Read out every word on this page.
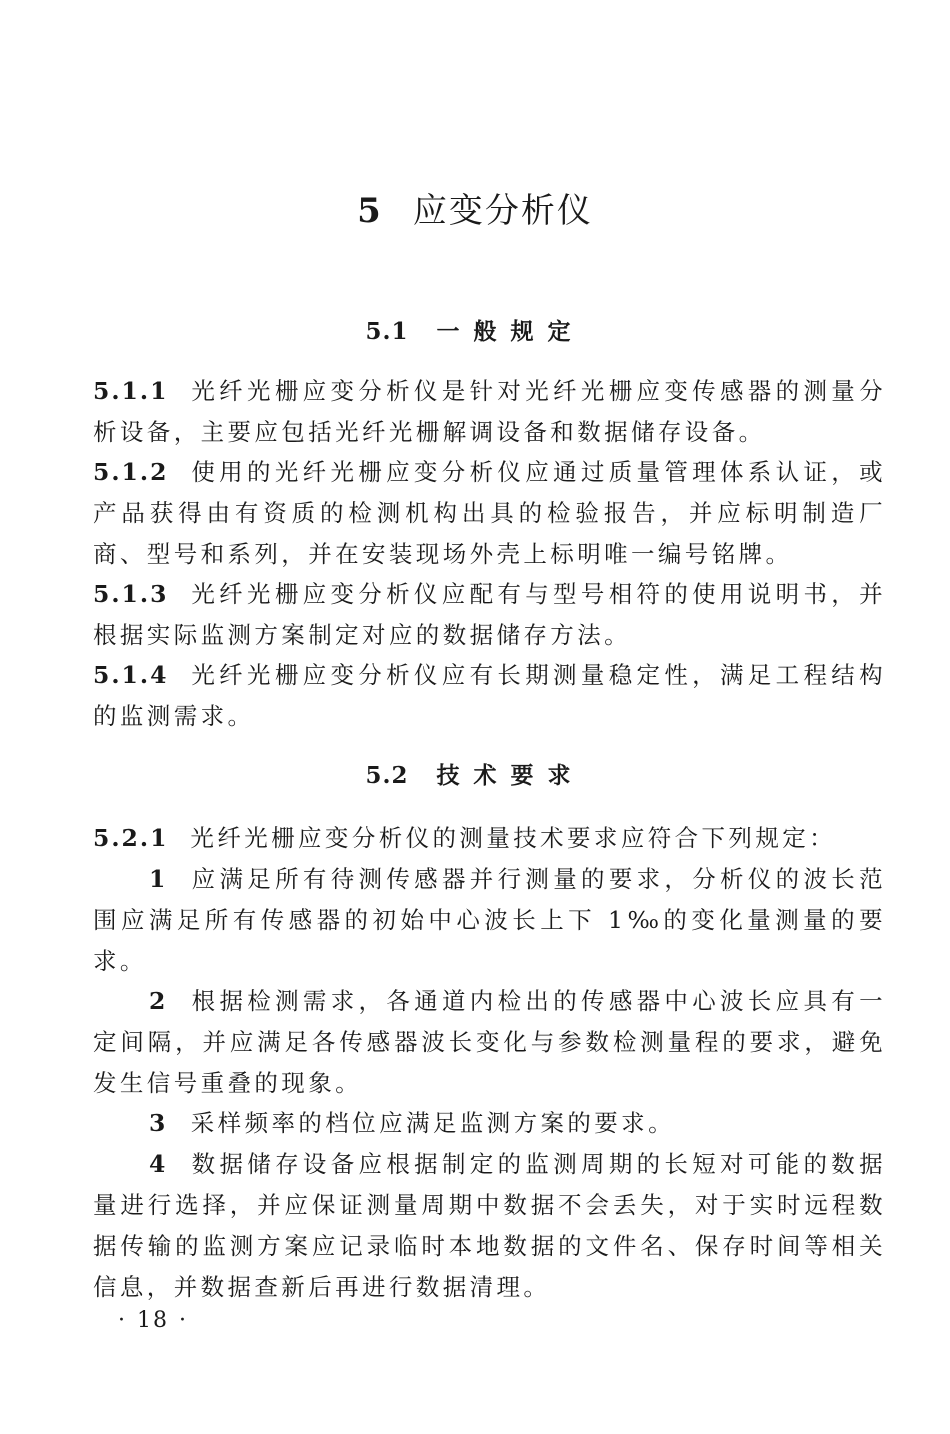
5 应变分析仪
5.1 一般规定
5.1.1 光纤光栅应变分析仪是针对光纤光栅应变传感器的测量分析设备，主要应包括光纤光栅解调设备和数据储存设备。
5.1.2 使用的光纤光栅应变分析仪应通过质量管理体系认证，或产品获得由有资质的检测机构出具的检验报告，并应标明制造厂商、型号和系列，并在安装现场外壳上标明唯一编号铭牌。
5.1.3 光纤光栅应变分析仪应配有与型号相符的使用说明书，并根据实际监测方案制定对应的数据储存方法。
5.1.4 光纤光栅应变分析仪应有长期测量稳定性，满足工程结构的监测需求。
5.2 技术要求
5.2.1 光纤光栅应变分析仪的测量技术要求应符合下列规定：
1 应满足所有待测传感器并行测量的要求，分析仪的波长范围应满足所有传感器的初始中心波长上下 1‰的变化量测量的要求。
2 根据检测需求，各通道内检出的传感器中心波长应具有一定间隔，并应满足各传感器波长变化与参数检测量程的要求，避免发生信号重叠的现象。
3 采样频率的档位应满足监测方案的要求。
4 数据储存设备应根据制定的监测周期的长短对可能的数据量进行选择，并应保证测量周期中数据不会丢失，对于实时远程数据传输的监测方案应记录临时本地数据的文件名、保存时间等相关信息，并数据查新后再进行数据清理。
· 18 ·
